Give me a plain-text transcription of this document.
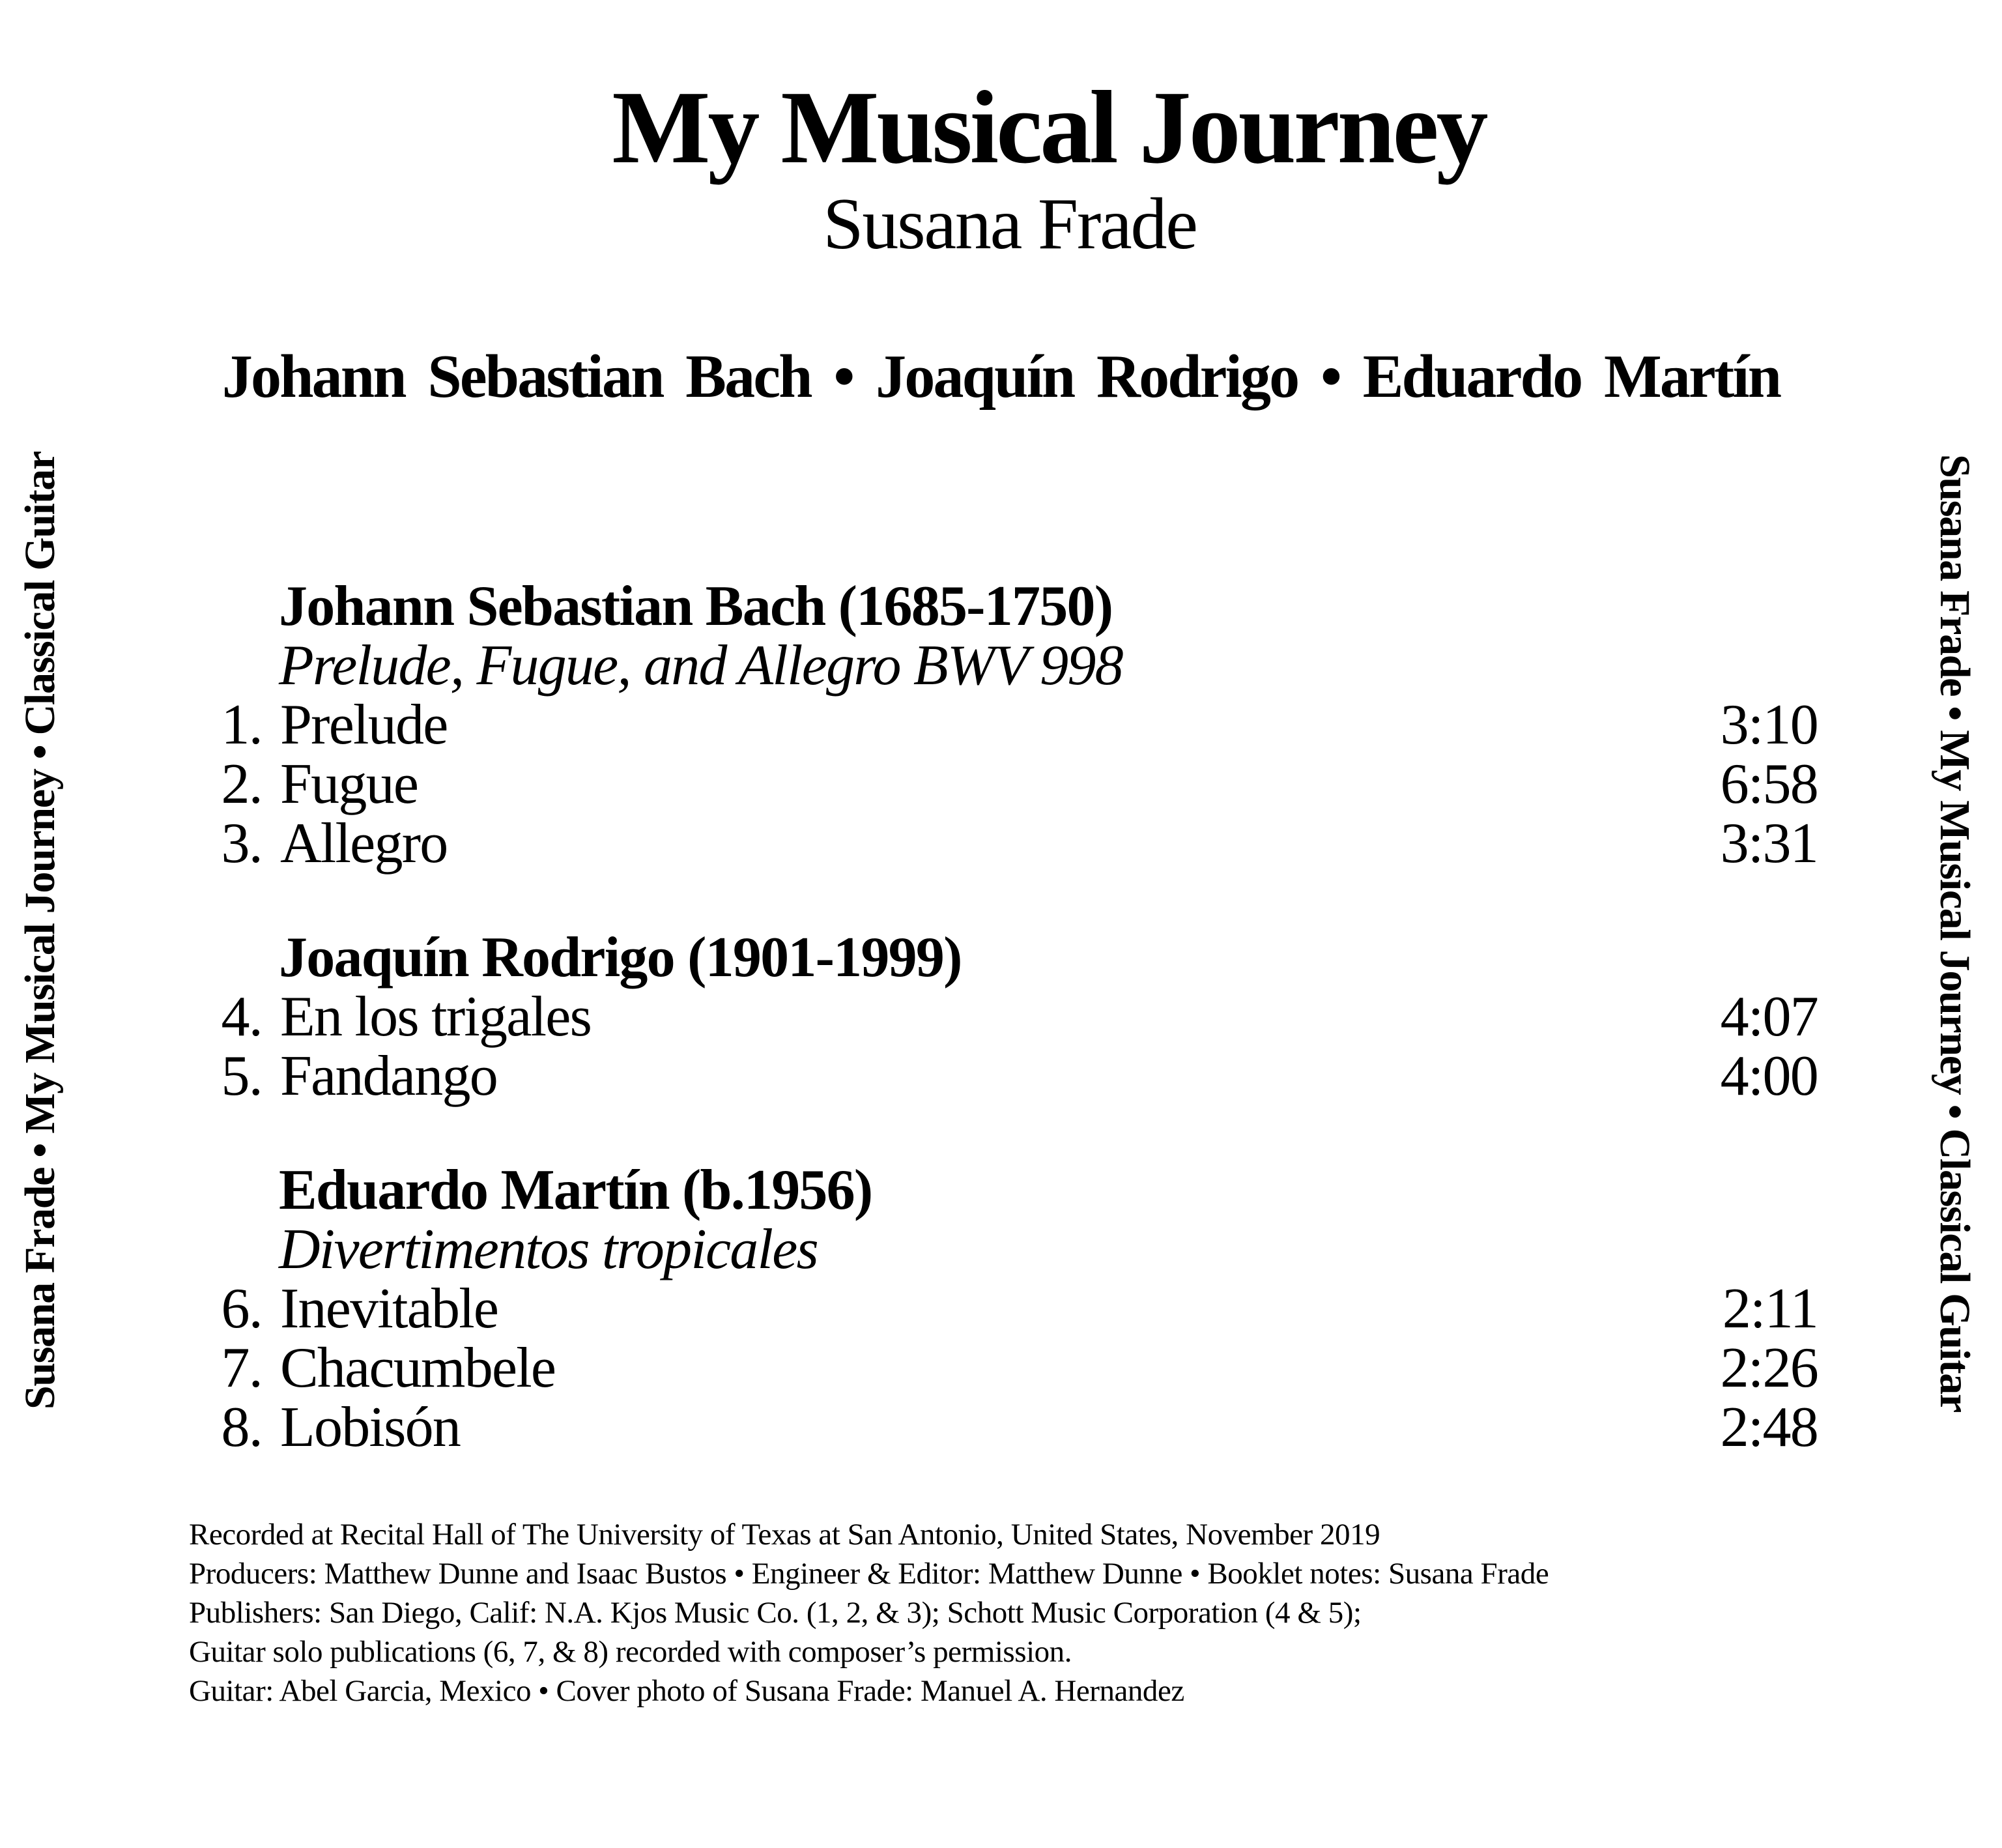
Susana Frade • My Musical Journey • Classical Guitar	Susana Frade • My Musical Journey • Classical Guitar
My Musical Journey
Susana Frade
Johann Sebastian Bach • Joaquín Rodrigo • Eduardo Martín
Johann Sebastian Bach (1685-1750)
Prelude, Fugue, and Allegro BWV 998
1. Prelude	3:10
2. Fugue	6:58
3. Allegro	3:31
Joaquín Rodrigo (1901-1999)
4. En los trigales	4:07
5. Fandango	4:00
Eduardo Martín (b.1956)
Divertimentos tropicales
6. Inevitable	2:11
7. Chacumbele	2:26
8. Lobisón	2:48
Recorded at Recital Hall of The University of Texas at San Antonio, United States, November 2019
Producers: Matthew Dunne and Isaac Bustos • Engineer & Editor: Matthew Dunne • Booklet notes: Susana Frade
Publishers: San Diego, Calif: N.A. Kjos Music Co. (1, 2, & 3); Schott Music Corporation (4 & 5);
Guitar solo publications (6, 7, & 8) recorded with composer’s permission.
Guitar: Abel Garcia, Mexico • Cover photo of Susana Frade: Manuel A. Hernandez
